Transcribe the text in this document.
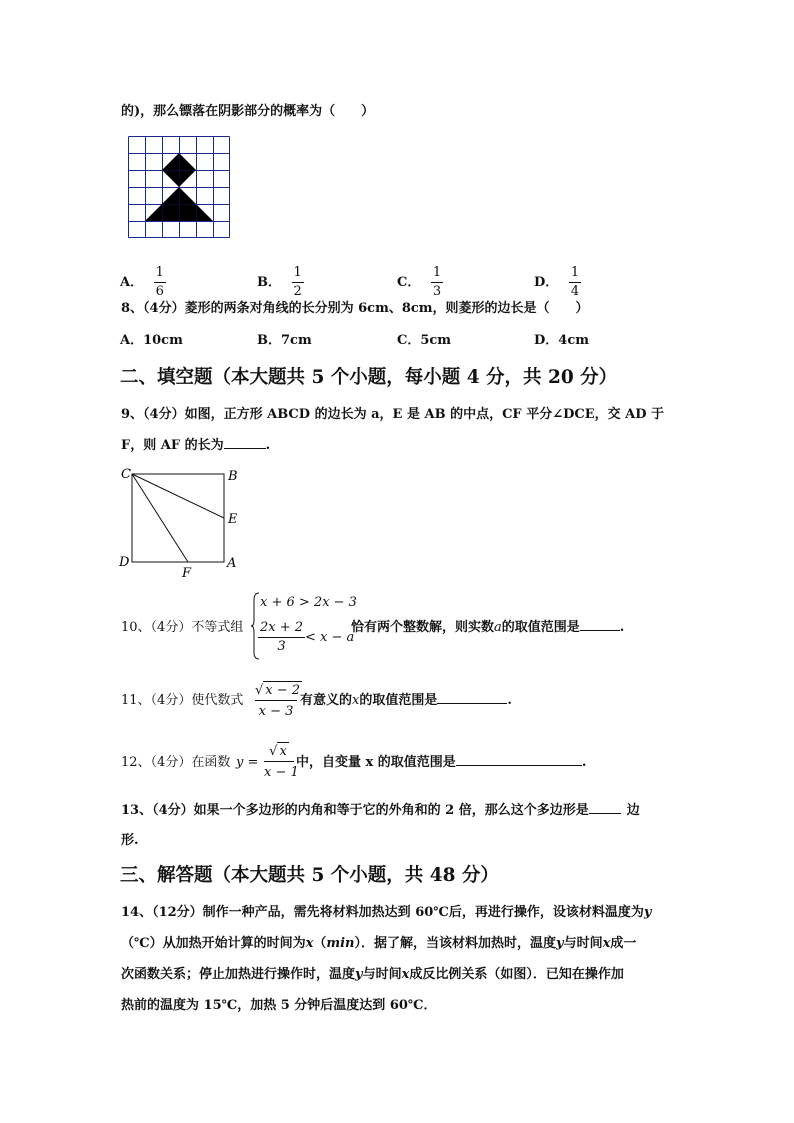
的)，那么镖落在阴影部分的概率为（　　）
A． $\frac{1}{6}$	B． $\frac{1}{2}$	C． $\frac{1}{3}$	D． $\frac{1}{4}$
8、（4分）菱形的两条对角线的长分别为 6cm、8cm，则菱形的边长是（　　）
A．10cm	B．7cm	C．5cm	D．4cm
二、填空题（本大题共 5 个小题，每小题 4 分，共 20 分）
9、（4分）如图，正方形 ABCD 的边长为 a，E 是 AB 的中点，CF 平分∠DCE，交 AD 于
F，则 AF 的长为	.
C	B
E
D
F
A
10、（4分）不等式组
x + 6 > 2x − 3
$\frac{2x + 2}{3} < x - a$
恰有两个整数解，则实数a的取值范围是	.
11、（4分）使代数式
√ x − 2
x − 3
有意义的x的取值范围是	.
12、（4分）在函数 y =
√ x
x − 1
中，自变量 x 的取值范围是	.
13、（4分）如果一个多边形的内角和等于它的外角和的 2 倍，那么这个多边形是	边
形.
三、解答题（本大题共 5 个小题，共 48 分）
14、（12分）制作一种产品，需先将材料加热达到 60℃后，再进行操作，设该材料温度为y
（℃）从加热开始计算的时间为x（min）．据了解，当该材料加热时，温度y与时间x成一
次函数关系；停止加热进行操作时，温度y与时间x成反比例关系（如图）．已知在操作加
热前的温度为 15℃，加热 5 分钟后温度达到 60℃．
